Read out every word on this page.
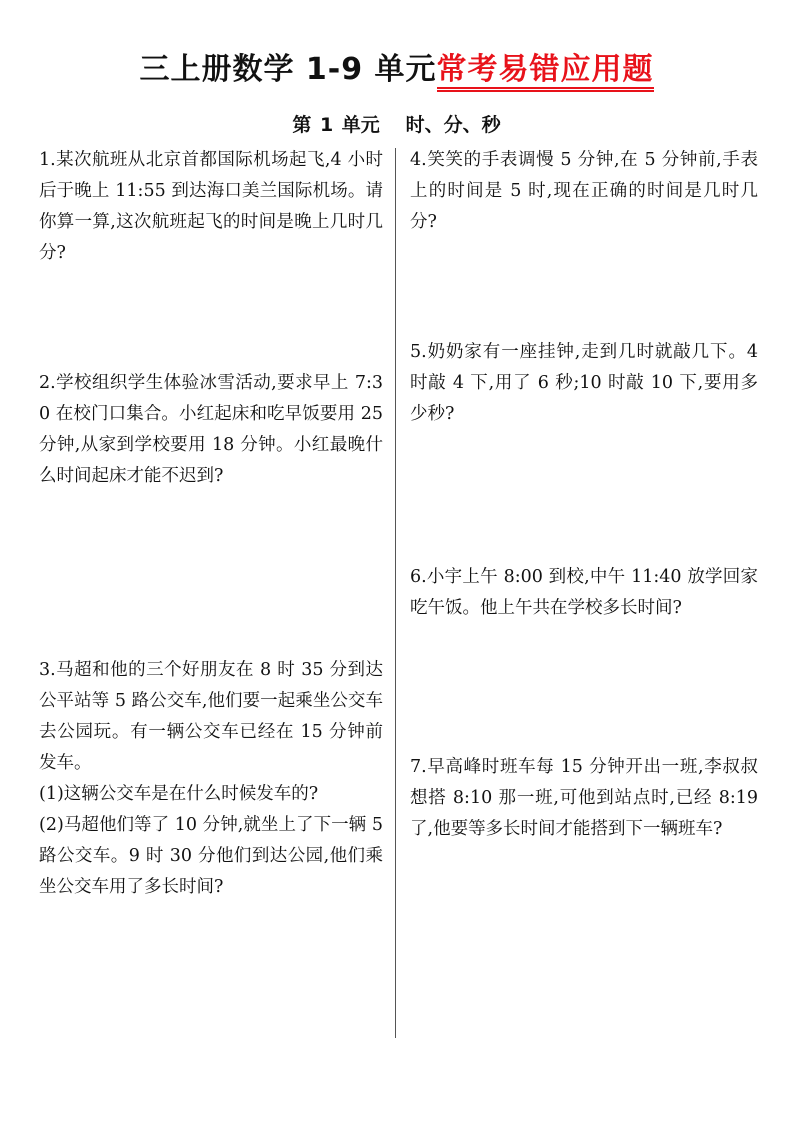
三上册数学 1-9 单元常考易错应用题
第 1 单元   时、分、秒

1.某次航班从北京首都国际机场起飞,4 小时后于晚上 11:55 到达海口美兰国际机场。请你算一算,这次航班起飞的时间是晚上几时几分?

2.学校组织学生体验冰雪活动,要求早上 7:30 在校门口集合。小红起床和吃早饭要用 25 分钟,从家到学校要用 18 分钟。小红最晚什么时间起床才能不迟到?

3.马超和他的三个好朋友在 8 时 35 分到达公平站等 5 路公交车,他们要一起乘坐公交车去公园玩。有一辆公交车已经在 15 分钟前发车。

(1)这辆公交车是在什么时候发车的?

(2)马超他们等了 10 分钟,就坐上了下一辆 5 路公交车。9 时 30 分他们到达公园,他们乘坐公交车用了多长时间?

4.笑笑的手表调慢 5 分钟,在 5 分钟前,手表上的时间是 5 时,现在正确的时间是几时几分?

5.奶奶家有一座挂钟,走到几时就敲几下。4 时敲 4 下,用了 6 秒;10 时敲 10 下,要用多少秒?

6.小宇上午 8:00 到校,中午 11:40 放学回家吃午饭。他上午共在学校多长时间?

7.早高峰时班车每 15 分钟开出一班,李叔叔想搭 8:10 那一班,可他到站点时,已经 8:19 了,他要等多长时间才能搭到下一辆班车?
